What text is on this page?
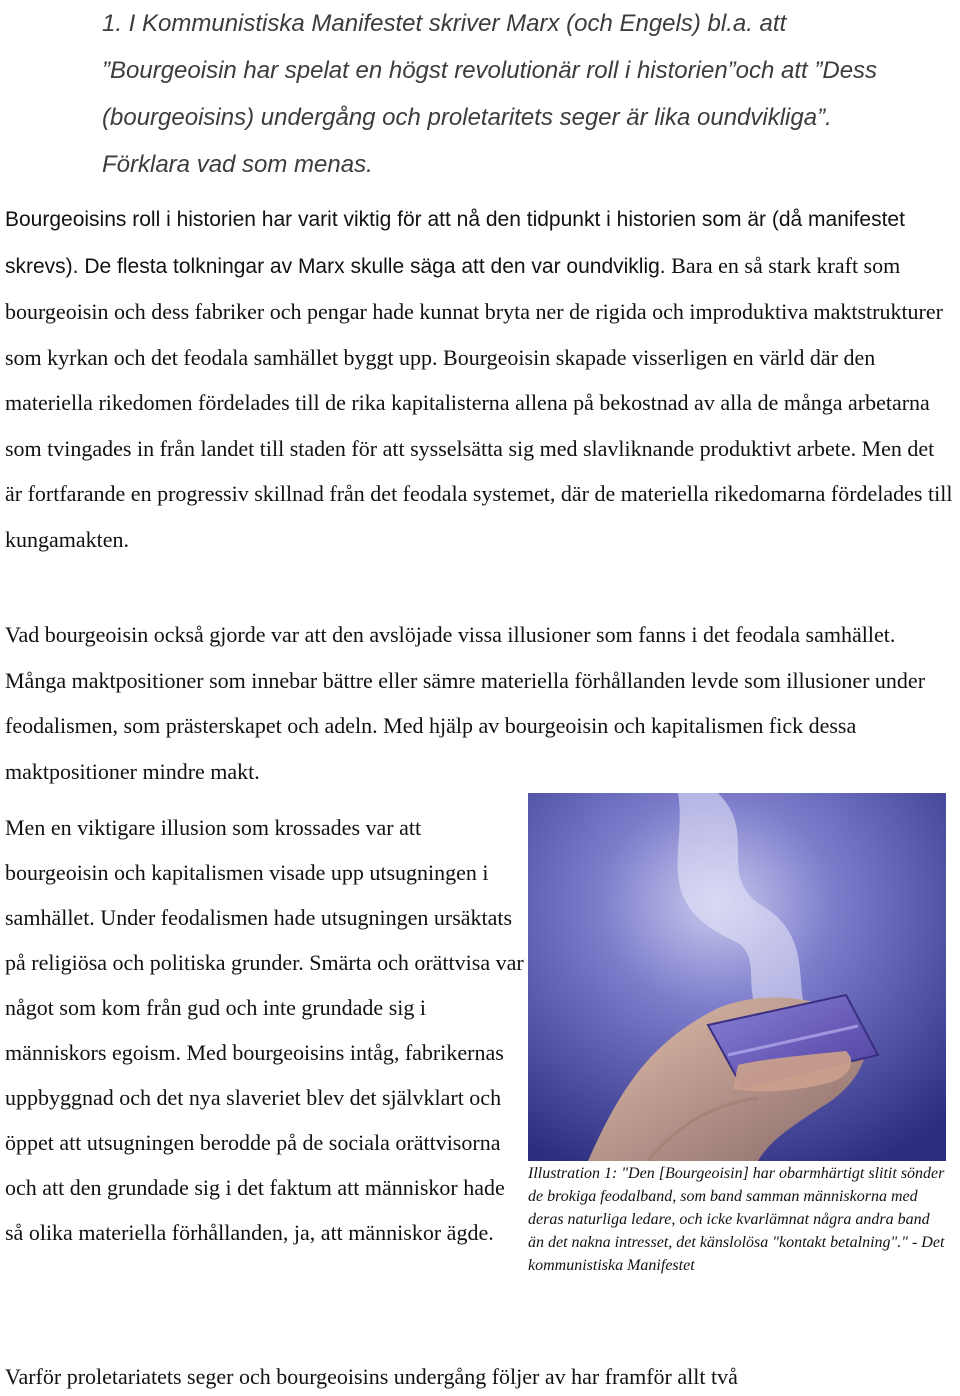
1. I Kommunistiska Manifestet skriver Marx (och Engels) bl.a. att ”Bourgeoisin har spelat en högst revolutionär roll i historien”och att ”Dess (bourgeoisins) undergång och proletaritets seger är lika oundvikliga”. Förklara vad som menas.

Bourgeoisins roll i historien har varit viktig för att nå den tidpunkt i historien som är (då manifestet skrevs). De flesta tolkningar av Marx skulle säga att den var oundviklig. Bara en så stark kraft som bourgeoisin och dess fabriker och pengar hade kunnat bryta ner de rigida och improduktiva maktstrukturer som kyrkan och det feodala samhället byggt upp. Bourgeoisin skapade visserligen en värld där den materiella rikedomen fördelades till de rika kapitalisterna allena på bekostnad av alla de många arbetarna som tvingades in från landet till staden för att sysselsätta sig med slavliknande produktivt arbete. Men det är fortfarande en progressiv skillnad från det feodala systemet, där de materiella rikedomarna fördelades till kungamakten.

Vad bourgeoisin också gjorde var att den avslöjade vissa illusioner som fanns i det feodala samhället. Många maktpositioner som innebar bättre eller sämre materiella förhållanden levde som illusioner under feodalismen, som prästerskapet och adeln. Med hjälp av bourgeoisin och kapitalismen fick dessa maktpositioner mindre makt.

Men en viktigare illusion som krossades var att bourgeoisin och kapitalismen visade upp utsugningen i samhället. Under feodalismen hade utsugningen ursäktats på religiösa och politiska grunder. Smärta och orättvisa var något som kom från gud och inte grundade sig i människors egoism. Med bourgeoisins intåg, fabrikernas uppbyggnad och det nya slaveriet blev det självklart och öppet att utsugningen berodde på de sociala orättvisorna och att den grundade sig i det faktum att människor hade så olika materiella förhållanden, ja, att människor ägde.

Illustration 1: "Den [Bourgeoisin] har obarmhärtigt slitit sönder de brokiga feodalband, som band samman människorna med deras naturliga ledare, och icke kvarlämnat några andra band än det nakna intresset, det känslolösa "kontakt betalning"." - Det kommunistiska Manifestet

Varför proletariatets seger och bourgeoisins undergång följer av har framför allt två
